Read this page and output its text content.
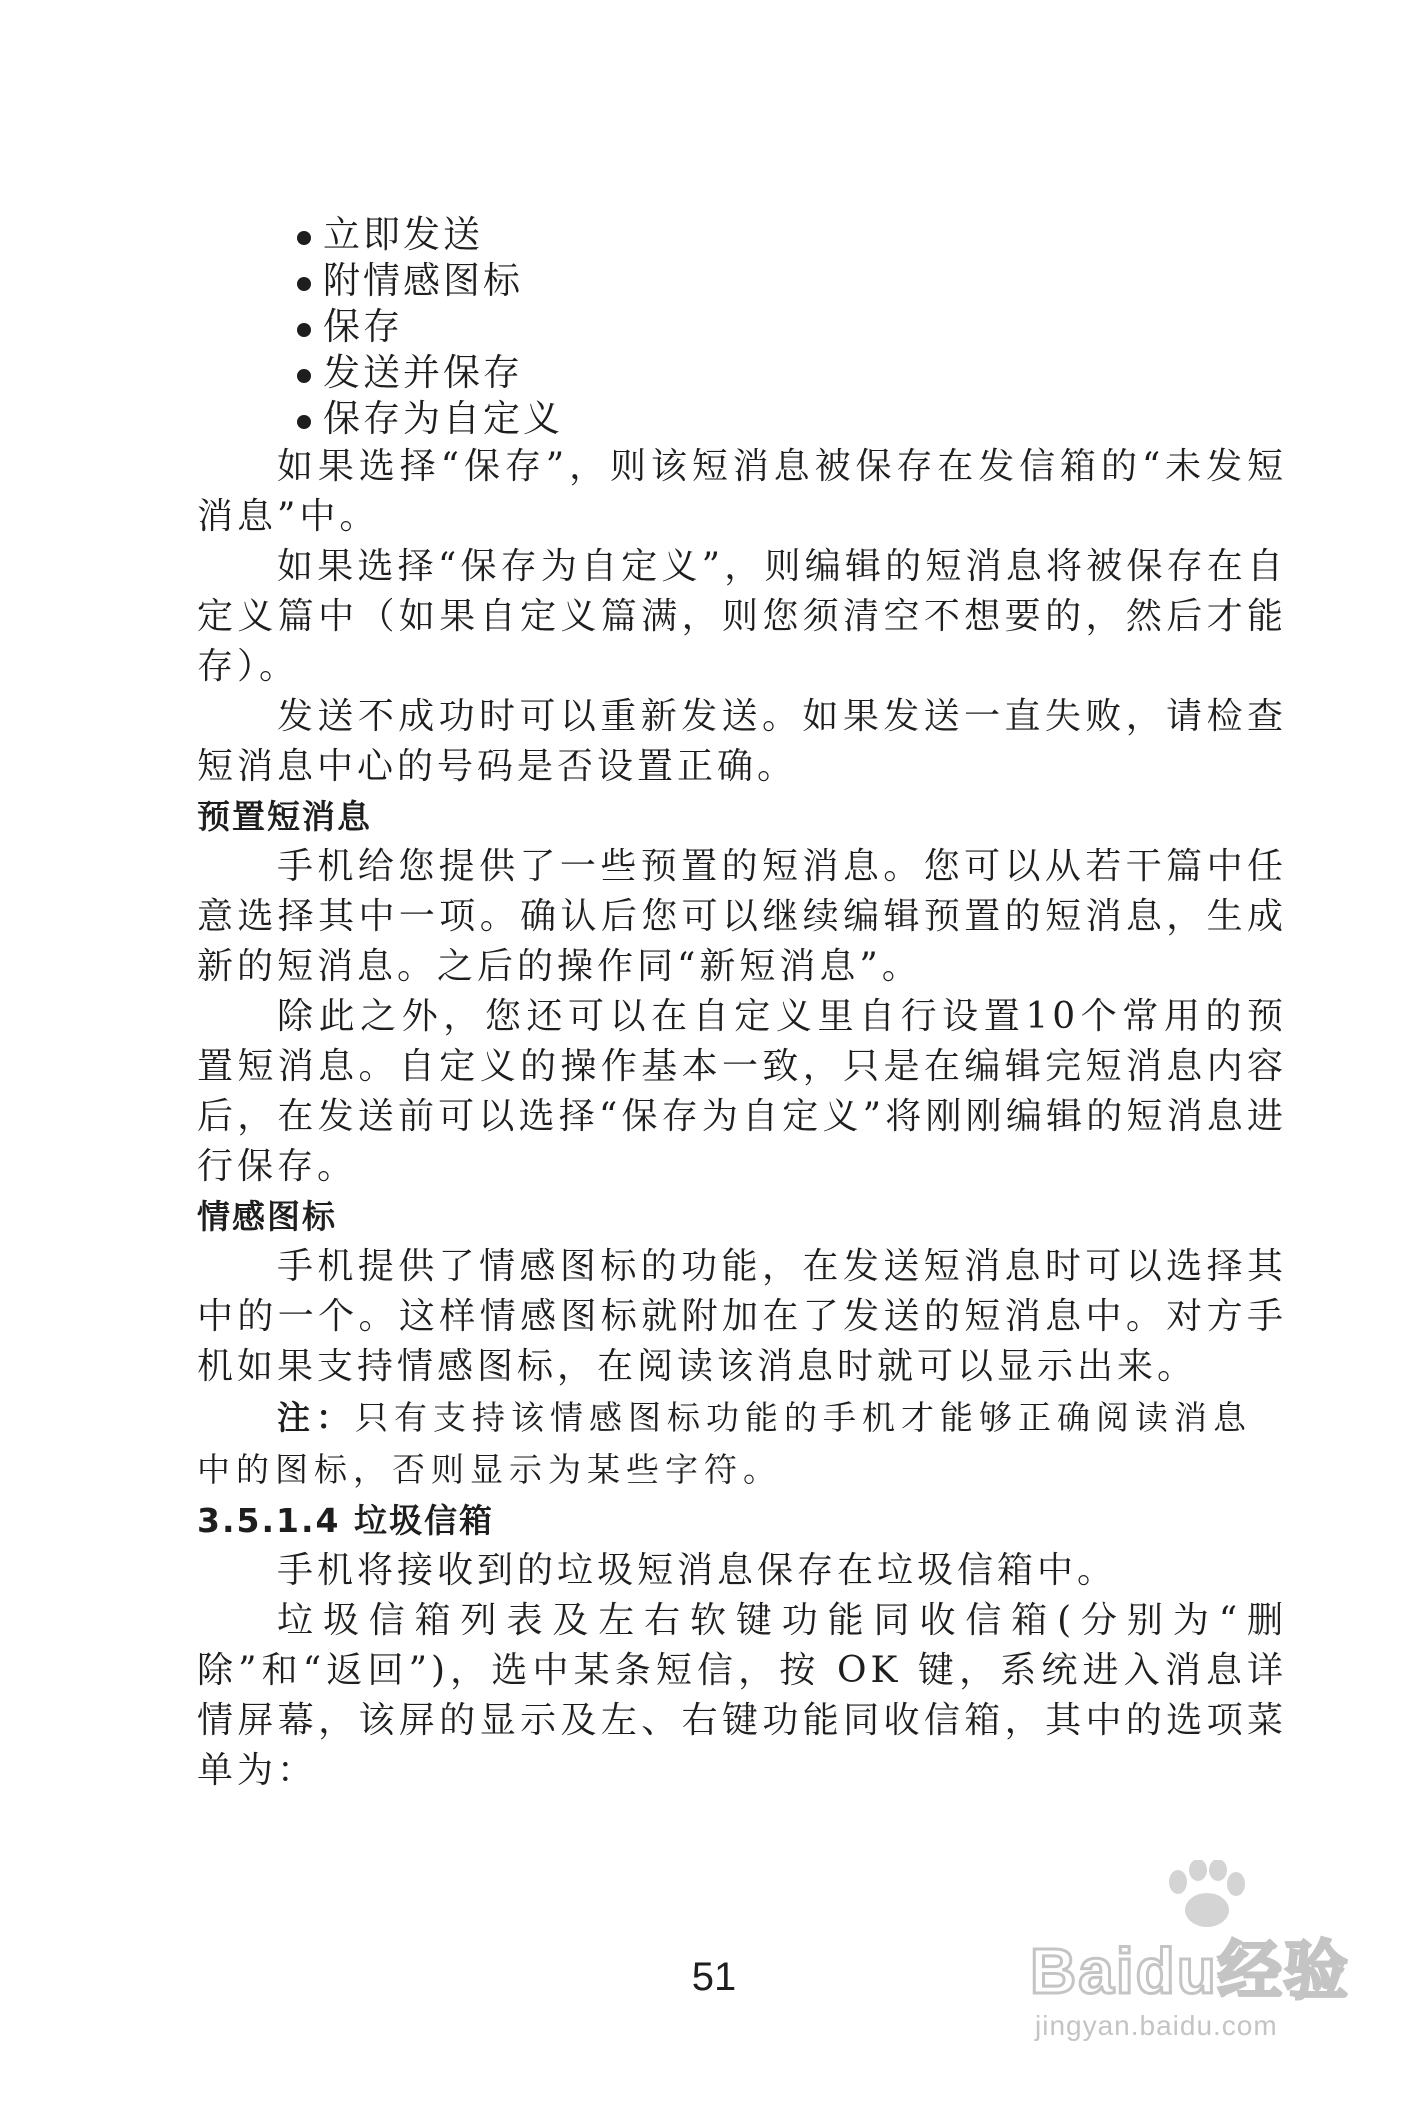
立即发送
附情感图标
保存
发送并保存
保存为自定义

如果选择“保存”，则该短消息被保存在发信箱的“未发短消息”中。

如果选择“保存为自定义”，则编辑的短消息将被保存在自定义篇中（如果自定义篇满，则您须清空不想要的，然后才能存）。

发送不成功时可以重新发送。如果发送一直失败，请检查短消息中心的号码是否设置正确。

预置短消息

手机给您提供了一些预置的短消息。您可以从若干篇中任意选择其中一项。确认后您可以继续编辑预置的短消息，生成新的短消息。之后的操作同“新短消息”。

除此之外，您还可以在自定义里自行设置10个常用的预置短消息。自定义的操作基本一致，只是在编辑完短消息内容后，在发送前可以选择“保存为自定义”将刚刚编辑的短消息进行保存。

情感图标

手机提供了情感图标的功能，在发送短消息时可以选择其中的一个。这样情感图标就附加在了发送的短消息中。对方手机如果支持情感图标，在阅读该消息时就可以显示出来。

注：只有支持该情感图标功能的手机才能够正确阅读消息中的图标，否则显示为某些字符。

3.5.1.4 垃圾信箱

手机将接收到的垃圾短消息保存在垃圾信箱中。

垃圾信箱列表及左右软键功能同收信箱(分别为“删除”和“返回”)，选中某条短信，按 OK 键，系统进入消息详情屏幕，该屏的显示及左、右键功能同收信箱，其中的选项菜单为：

51	Baidu经验
jingyan.baidu.com
